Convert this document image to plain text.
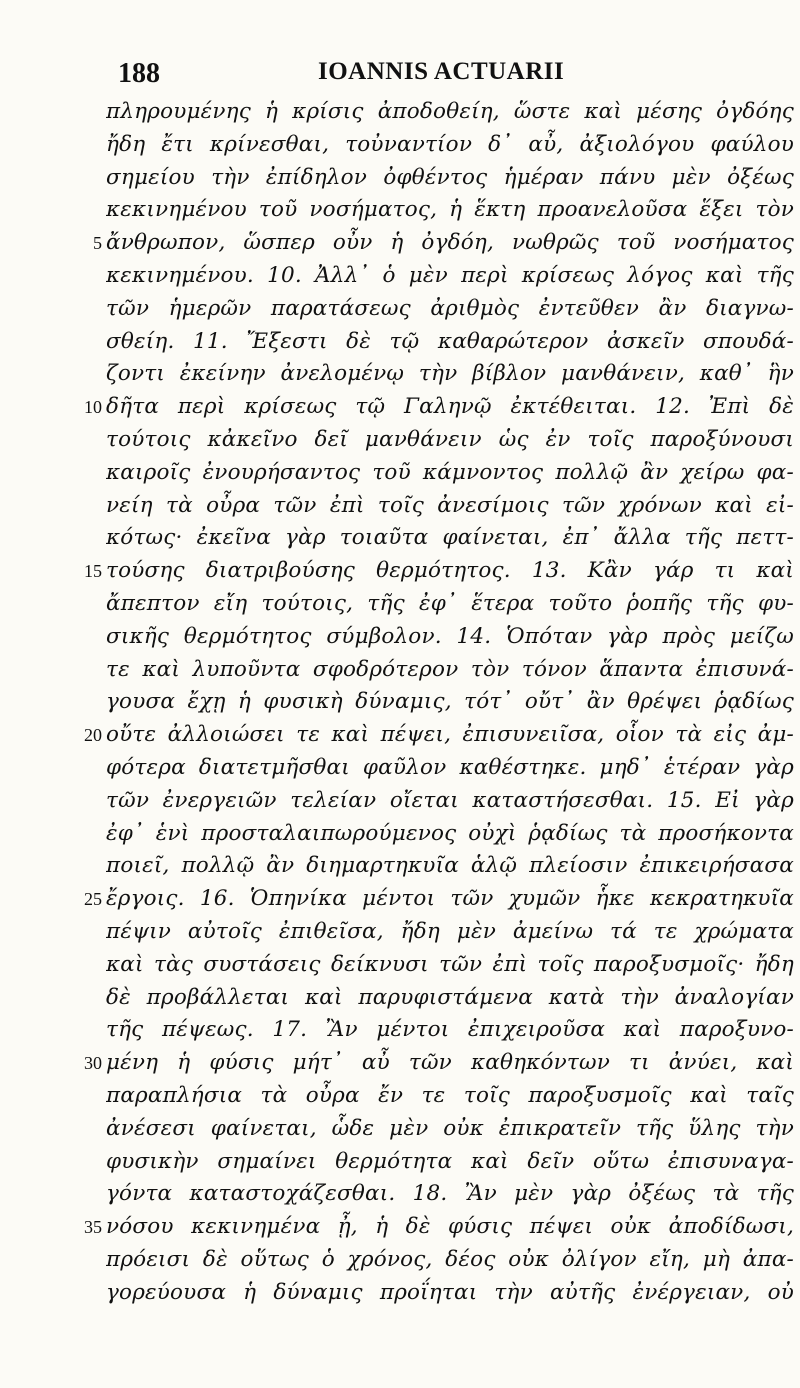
188	IOANNIS ACTUARII
πληρουμένης ἡ κρίσις ἀποδοθείη, ὥστε καὶ μέσης ὀγδόης
ἤδη ἔτι κρίνεσθαι, τοὐναντίον δ᾽ αὖ, ἀξιολόγου φαύλου
σημείου τὴν ἐπίδηλον ὀφθέντος ἡμέραν πάνυ μὲν ὀξέως
κεκινημένου τοῦ νοσήματος, ἡ ἕκτη προανελοῦσα ἕξει τὸν
5 ἄνθρωπον, ὥσπερ οὖν ἡ ὀγδόη, νωθρῶς τοῦ νοσήματος
κεκινημένου. 10. Ἀλλ᾽ ὁ μὲν περὶ κρίσεως λόγος καὶ τῆς
τῶν ἡμερῶν παρατάσεως ἀριθμὸς ἐντεῦθεν ἂν διαγνω-
σθείη. 11. Ἔξεστι δὲ τῷ καθαρώτερον ἀσκεῖν σπουδά-
ζοντι ἐκείνην ἀνελομένῳ τὴν βίβλον μανθάνειν, καθ᾽ ἣν
10 δῆτα περὶ κρίσεως τῷ Γαληνῷ ἐκτέθειται. 12. Ἐπὶ δὲ
τούτοις κἀκεῖνο δεῖ μανθάνειν ὡς ἐν τοῖς παροξύνουσι
καιροῖς ἐνουρήσαντος τοῦ κάμνοντος πολλῷ ἂν χείρω φα-
νείη τὰ οὖρα τῶν ἐπὶ τοῖς ἀνεσίμοις τῶν χρόνων καὶ εἰ-
κότως· ἐκεῖνα γὰρ τοιαῦτα φαίνεται, ἐπ᾽ ἄλλα τῆς πεττ-
15 τούσης διατριβούσης θερμότητος. 13. Κἂν γάρ τι καὶ
ἄπεπτον εἴη τούτοις, τῆς ἐφ᾽ ἕτερα τοῦτο ῥοπῆς τῆς φυ-
σικῆς θερμότητος σύμβολον. 14. Ὁπόταν γὰρ πρὸς μείζω
τε καὶ λυποῦντα σφοδρότερον τὸν τόνον ἅπαντα ἐπισυνά-
γουσα ἔχῃ ἡ φυσικὴ δύναμις, τότ᾽ οὔτ᾽ ἂν θρέψει ῥᾳδίως
20 οὔτε ἀλλοιώσει τε καὶ πέψει, ἐπισυνειῖσα, οἷον τὰ εἰς ἀμ-
φότερα διατετμῆσθαι φαῦλον καθέστηκε. μηδ᾽ ἑτέραν γὰρ
τῶν ἐνεργειῶν τελείαν οἴεται καταστήσεσθαι. 15. Εἰ γὰρ
ἐφ᾽ ἑνὶ προσταλαιπωρούμενος οὐχὶ ῥᾳδίως τὰ προσήκοντα
ποιεῖ, πολλῷ ἂν διημαρτηκυῖα ἁλῷ πλείοσιν ἐπικειρήσασα
25 ἔργοις. 16. Ὁπηνίκα μέντοι τῶν χυμῶν ἧκε κεκρατηκυῖα
πέψιν αὐτοῖς ἐπιθεῖσα, ἤδη μὲν ἀμείνω τά τε χρώματα
καὶ τὰς συστάσεις δείκνυσι τῶν ἐπὶ τοῖς παροξυσμοῖς· ἤδη
δὲ προβάλλεται καὶ παρυφιστάμενα κατὰ τὴν ἀναλογίαν
τῆς πέψεως. 17. Ἂν μέντοι ἐπιχειροῦσα καὶ παροξυνο-
30 μένη ἡ φύσις μήτ᾽ αὖ τῶν καθηκόντων τι ἀνύει, καὶ
παραπλήσια τὰ οὖρα ἔν τε τοῖς παροξυσμοῖς καὶ ταῖς
ἀνέσεσι φαίνεται, ὧδε μὲν οὐκ ἐπικρατεῖν τῆς ὕλης τὴν
φυσικὴν σημαίνει θερμότητα καὶ δεῖν οὕτω ἐπισυναγα-
γόντα καταστοχάζεσθαι. 18. Ἂν μὲν γὰρ ὀξέως τὰ τῆς
35 νόσου κεκινημένα ᾖ, ἡ δὲ φύσις πέψει οὐκ ἀποδίδωσι,
πρόεισι δὲ οὕτως ὁ χρόνος, δέος οὐκ ὀλίγον εἴη, μὴ ἀπα-
γορεύουσα ἡ δύναμις προΐηται τὴν αὐτῆς ἐνέργειαν, οὐ
